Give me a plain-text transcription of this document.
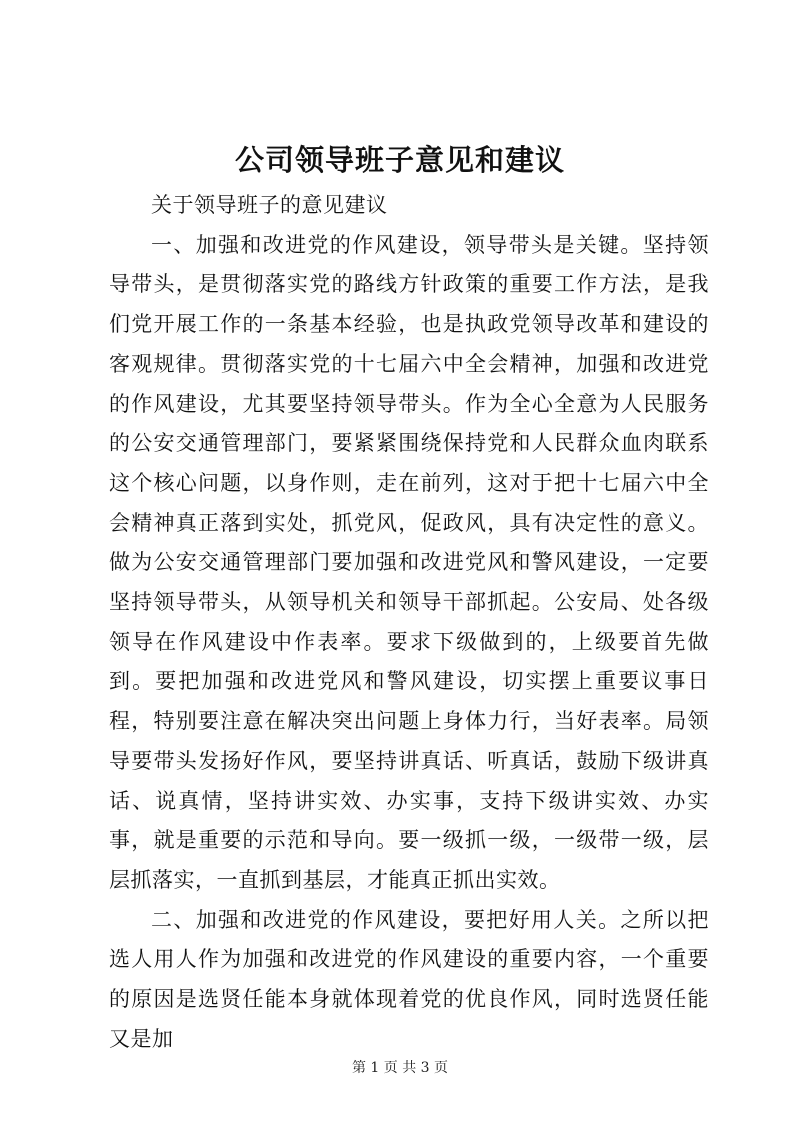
公司领导班子意见和建议

关于领导班子的意见建议

一、加强和改进党的作风建设，领导带头是关键。坚持领导带头，是贯彻落实党的路线方针政策的重要工作方法，是我们党开展工作的一条基本经验，也是执政党领导改革和建设的客观规律。贯彻落实党的十七届六中全会精神，加强和改进党的作风建设，尤其要坚持领导带头。作为全心全意为人民服务的公安交通管理部门，要紧紧围绕保持党和人民群众血肉联系这个核心问题，以身作则，走在前列，这对于把十七届六中全会精神真正落到实处，抓党风，促政风，具有决定性的意义。做为公安交通管理部门要加强和改进党风和警风建设，一定要坚持领导带头，从领导机关和领导干部抓起。公安局、处各级领导在作风建设中作表率。要求下级做到的，上级要首先做到。要把加强和改进党风和警风建设，切实摆上重要议事日程，特别要注意在解决突出问题上身体力行，当好表率。局领导要带头发扬好作风，要坚持讲真话、听真话，鼓励下级讲真话、说真情，坚持讲实效、办实事，支持下级讲实效、办实事，就是重要的示范和导向。要一级抓一级，一级带一级，层层抓落实，一直抓到基层，才能真正抓出实效。

二、加强和改进党的作风建设，要把好用人关。之所以把选人用人作为加强和改进党的作风建设的重要内容，一个重要的原因是选贤任能本身就体现着党的优良作风，同时选贤任能又是加

第 1 页 共 3 页
